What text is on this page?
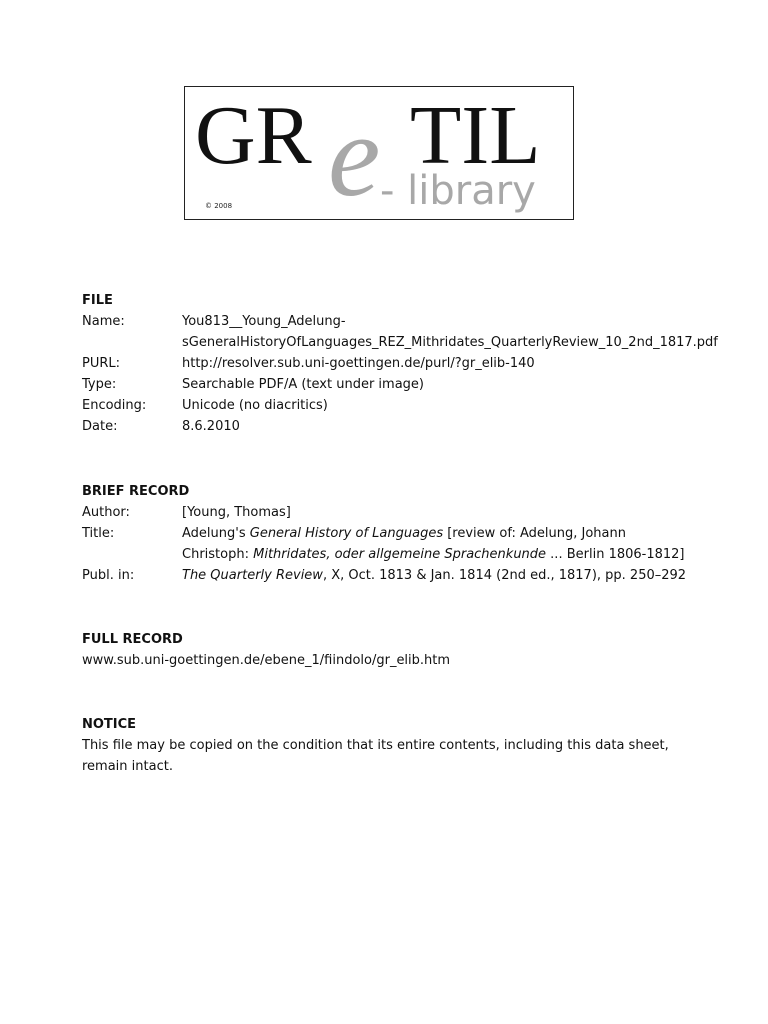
GR e TIL
- library
© 2008
FILE
Name:	You813__Young_Adelung-
sGeneralHistoryOfLanguages_REZ_Mithridates_QuarterlyReview_10_2nd_1817.pdf
PURL:	http://resolver.sub.uni-goettingen.de/purl/?gr_elib-140
Type:	Searchable PDF/A (text under image)
Encoding:	Unicode (no diacritics)
Date:	8.6.2010
BRIEF RECORD
Author:	[Young, Thomas]
Title:	Adelung's General History of Languages [review of: Adelung, Johann
Christoph: Mithridates, oder allgemeine Sprachenkunde ... Berlin 1806-1812]
Publ. in:	The Quarterly Review, X, Oct. 1813 & Jan. 1814 (2nd ed., 1817), pp. 250–292
FULL RECORD
www.sub.uni-goettingen.de/ebene_1/fiindolo/gr_elib.htm
NOTICE
This file may be copied on the condition that its entire contents, including this data sheet,
remain intact.
